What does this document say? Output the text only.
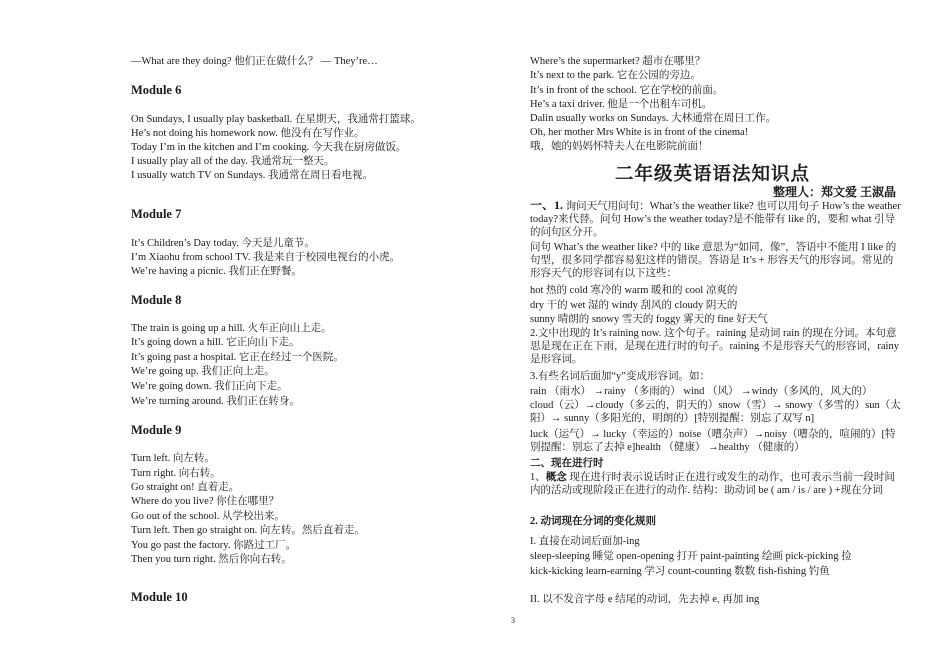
—What are they doing? 他们正在做什么？ — They’re…
Module 6
On Sundays, I usually play basketball. 在星期天，我通常打篮球。
He’s not doing his homework now. 他没有在写作业。
Today I’m in the kitchen and I’m cooking. 今天我在厨房做饭。
I usually play all of the day. 我通常玩一整天。
I usually watch TV on Sundays. 我通常在周日看电视。
Module 7
It’s Children’s Day today. 今天是儿童节。
I’m Xiaohu from school TV. 我是来自于校园电视台的小虎。
We’re having a picnic. 我们正在野餐。
Module 8
The train is going up a hill. 火车正向山上走。
It’s going down a hill. 它正向山下走。
It’s going past a hospital. 它正在经过一个医院。
We’re going up. 我们正向上走。
We’re going down. 我们正向下走。
We’re turning around. 我们正在转身。
Module 9
Turn left. 向左转。
Turn right. 向右转。
Go straight on! 直着走。
Where do you live? 你住在哪里？
Go out of the school. 从学校出来。
Turn left. Then go straight on. 向左转。然后直着走。
You go past the factory. 你路过工厂。
Then you turn right. 然后你向右转。
Module 10
Where’s the supermarket? 超市在哪里？
It’s next to the park. 它在公园的旁边。
It’s in front of the school. 它在学校的前面。
He’s a taxi driver. 他是一个出租车司机。
Dalin usually works on Sundays. 大林通常在周日工作。
Oh, her mother Mrs White is in front of the cinema!
哦，她的妈妈怀特夫人在电影院前面！
二年级英语语法知识点
整理人：郑文爱 王淑晶
一、1. 询问天气用问句：What’s the weather like? 也可以用句子 How’s the weather today?来代替。问句 How’s the weather today?是不能带有 like 的，要和 what 引导的问句区分开。
问句 What’s the weather like? 中的 like 意思为“如同，像”，答语中不能用 I like 的句型，很多同学都容易犯这样的错误。答语是 It’s + 形容天气的形容词。常见的形容天气的形容词有以下这些：
hot 热的 cold 寒冷的 warm 暖和的 cool 凉爽的
dry 干的 wet 湿的 windy 刮风的 cloudy 阴天的
sunny 晴朗的 snowy 雪天的 foggy 雾天的 fine 好天气
2.文中出现的 It’s raining now. 这个句子。raining 是动词 rain 的现在分词。本句意思是现在正在下雨，是现在进行时的句子。raining 不是形容天气的形容词，rainy 是形容词。
3.有些名词后面加“y”变成形容词。如：
rain （雨水） →rainy （多雨的） wind （风） →windy（多风的，风大的）
cloud（云）→cloudy（多云的，阴天的）snow（雪）→ snowy（多雪的）sun（太阳）→ sunny（多阳光的，明朗的）[特别提醒：别忘了双写 n]
luck（运气）→ lucky（幸运的）noise（嘈杂声）→noisy（嘈杂的，喧闹的）[特别提醒：别忘了去掉 e]health （健康） →healthy （健康的）
二、现在进行时
1、概念 现在进行时表示说话时正在进行或发生的动作，也可表示当前一段时间内的活动或现阶段正在进行的动作. 结构：助动词 be ( am / is / are ) +现在分词
2. 动词现在分词的变化规则
I. 直接在动词后面加-ing
sleep-sleeping 睡觉 open-opening 打开 paint-painting 绘画 pick-picking 捡
kick-kicking learn-earning 学习 count-counting 数数 fish-fishing 钓鱼
II. 以不发音字母 e 结尾的动词，先去掉 e, 再加 ing
3
